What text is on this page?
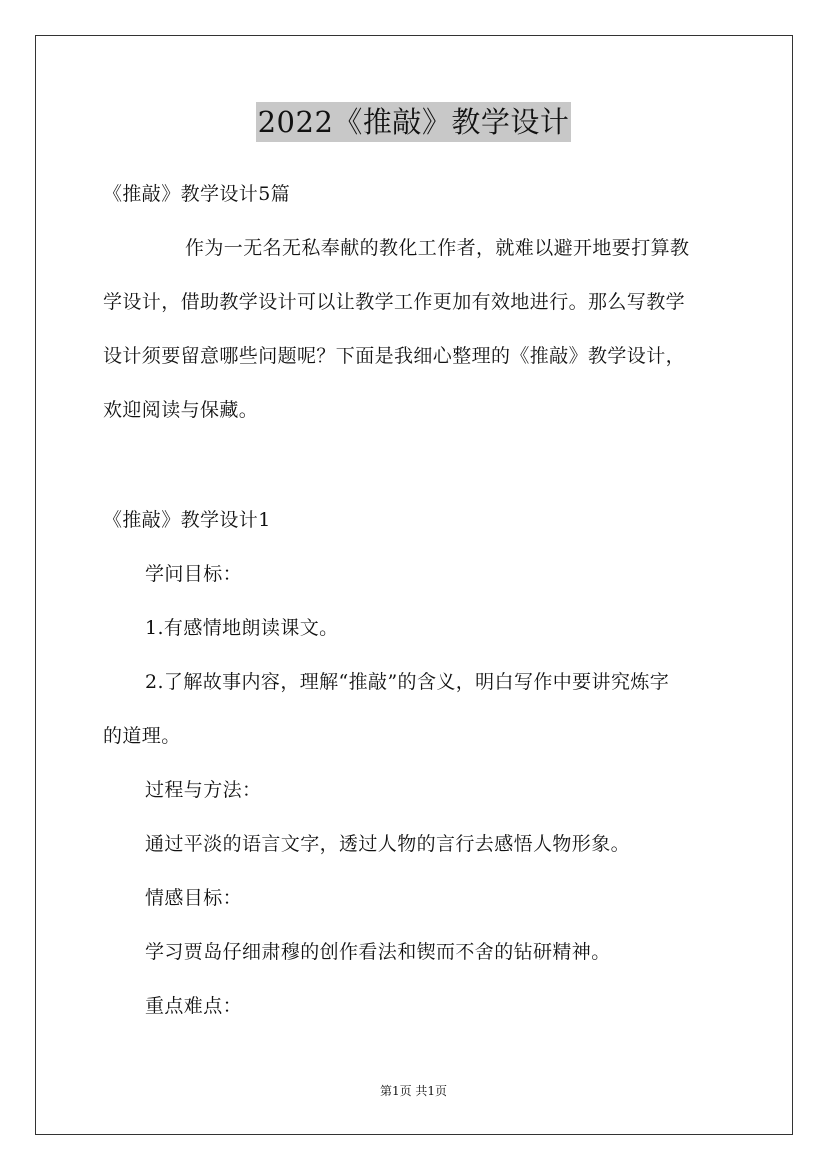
2022《推敲》教学设计
《推敲》教学设计5篇
作为一无名无私奉献的教化工作者，就难以避开地要打算教
学设计，借助教学设计可以让教学工作更加有效地进行。那么写教学
设计须要留意哪些问题呢？下面是我细心整理的《推敲》教学设计，
欢迎阅读与保藏。
《推敲》教学设计1
学问目标：
1.有感情地朗读课文。
2.了解故事内容，理解“推敲”的含义，明白写作中要讲究炼字
的道理。
过程与方法：
通过平淡的语言文字，透过人物的言行去感悟人物形象。
情感目标：
学习贾岛仔细肃穆的创作看法和锲而不舍的钻研精神。
重点难点：
第1页 共1页
